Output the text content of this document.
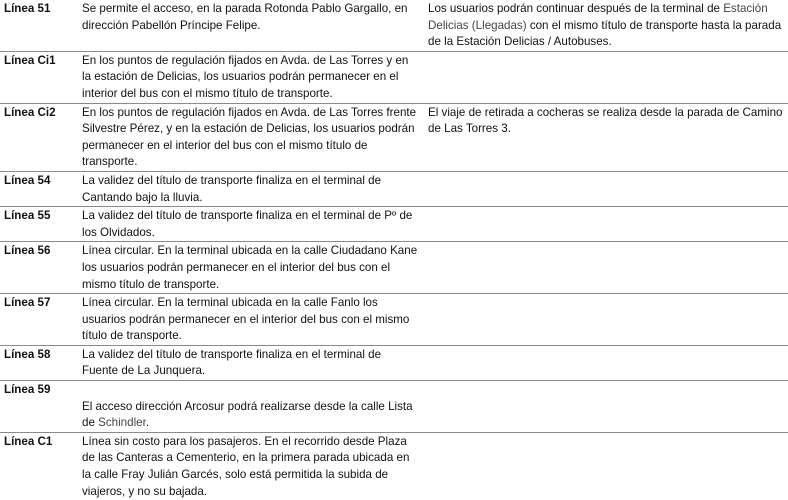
Línea 51	Se permite el acceso, en la parada Rotonda Pablo Gargallo, en dirección Pabellón Príncipe Felipe.	Los usuarios podrán continuar después de la terminal de Estación Delicias (Llegadas) con el mismo título de transporte hasta la parada de la Estación Delicias / Autobuses.
Línea Ci1	En los puntos de regulación fijados en Avda. de Las Torres y en la estación de Delicias, los usuarios podrán permanecer en el interior del bus con el mismo título de transporte.	
Línea Ci2	En los puntos de regulación fijados en Avda. de Las Torres frente Silvestre Pérez, y en la estación de Delicias, los usuarios podrán permanecer en el interior del bus con el mismo título de transporte.	El viaje de retirada a cocheras se realiza desde la parada de Camino de Las Torres 3.
Línea 54	La validez del título de transporte finaliza en el terminal de Cantando bajo la lluvia.	
Línea 55	La validez del título de transporte finaliza en el terminal de Pº de los Olvidados.	
Línea 56	Línea circular. En la terminal ubicada en la calle Ciudadano Kane los usuarios podrán permanecer en el interior del bus con el mismo título de transporte.	
Línea 57	Línea circular. En la terminal ubicada en la calle Fanlo los usuarios podrán permanecer en el interior del bus con el mismo título de transporte.	
Línea 58	La validez del título de transporte finaliza en el terminal de Fuente de La Junquera.	
Línea 59	El acceso dirección Arcosur podrá realizarse desde la calle Lista de Schindler.	
Línea C1	Línea sin costo para los pasajeros. En el recorrido desde Plaza de las Canteras a Cementerio, en la primera parada ubicada en la calle Fray Julián Garcés, solo está permitida la subida de viajeros, y no su bajada.	
